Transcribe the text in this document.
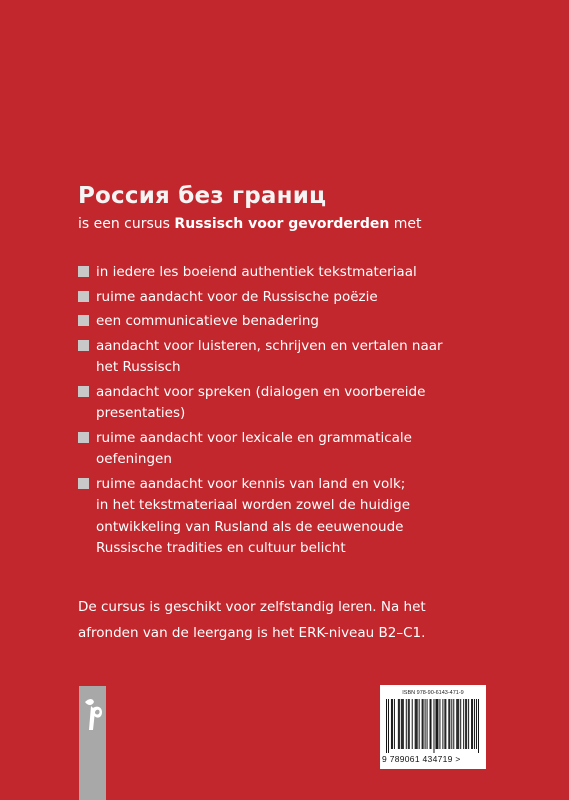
Россия без границ

is een cursus Russisch voor gevorderden met

in iedere les boeiend authentiek tekstmateriaal
ruime aandacht voor de Russische poëzie
een communicatieve benadering
aandacht voor luisteren, schrijven en vertalen naar
het Russisch
aandacht voor spreken (dialogen en voorbereide
presentaties)
ruime aandacht voor lexicale en grammaticale
oefeningen
ruime aandacht voor kennis van land en volk;
in het tekstmateriaal worden zowel de huidige
ontwikkeling van Rusland als de eeuwenoude
Russische tradities en cultuur belicht

De cursus is geschikt voor zelfstandig leren. Na het
afronden van de leergang is het ERK-niveau B2–C1.

ISBN 978-90-6143-471-9
9 789061 434719 >
